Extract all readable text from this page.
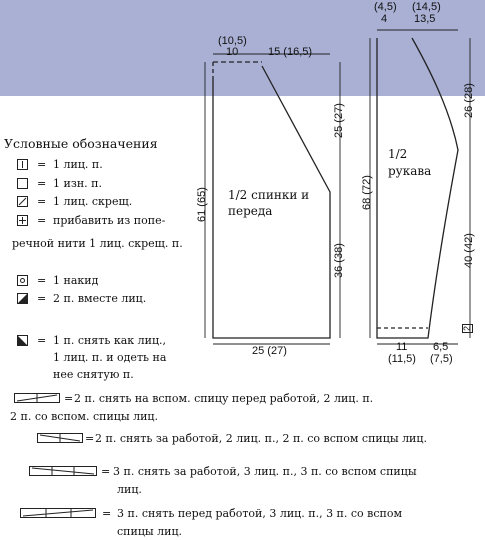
(10,5)
10	15 (16,5)
25 (27)
61 (65)
36 (38)
25 (27)
1/2 спинки и переда
(4,5) (14,5)
4 13,5
26 (28)
68 (72)
40 (42)
11
(11,5)
6,5
(7,5)
2
1/2 рукава
Условные обозначения
= 1 лиц. п.
= 1 изн. п.
= 1 лиц. скрещ.
= прибавить из попе-
речной нити 1 лиц. скрещ. п.
= 1 накид
= 2 п. вместе лиц.
= 1 п. снять как лиц.,
1 лиц. п. и одеть на
нее снятую п.
= 2 п. снять на вспом. спицу перед работой, 2 лиц. п.
2 п. со вспом. спицы лиц.
= 2 п. снять за работой, 2 лиц. п., 2 п. со вспом спицы лиц.
= 3 п. снять за работой, 3 лиц. п., 3 п. со вспом спицы
лиц.
= 3 п. снять перед работой, 3 лиц. п., 3 п. со вспом
спицы лиц.
